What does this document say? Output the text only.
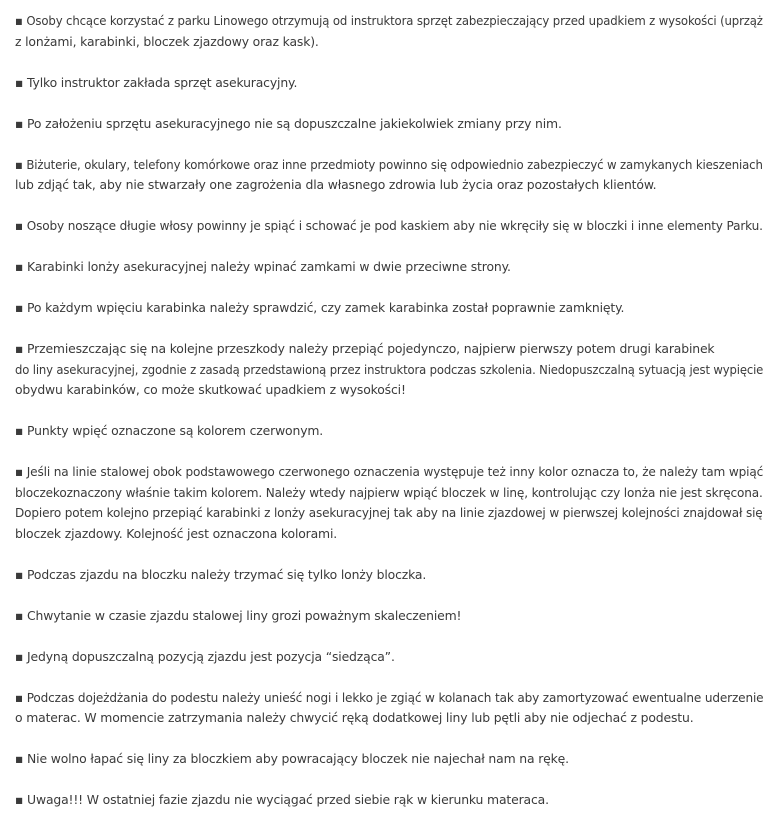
▪ Osoby chcące korzystać z parku Linowego otrzymują od instruktora sprzęt zabezpieczający przed upadkiem z wysokości (uprząż
z lonżami, karabinki, bloczek zjazdowy oraz kask).
▪ Tylko instruktor zakłada sprzęt asekuracyjny.
▪ Po założeniu sprzętu asekuracyjnego nie są dopuszczalne jakiekolwiek zmiany przy nim.
▪ Biżuterie, okulary, telefony komórkowe oraz inne przedmioty powinno się odpowiednio zabezpieczyć w zamykanych kieszeniach
lub zdjąć tak, aby nie stwarzały one zagrożenia dla własnego zdrowia lub życia oraz pozostałych klientów.
▪ Osoby noszące długie włosy powinny je spiąć i schować je pod kaskiem aby nie wkręciły się w bloczki i inne elementy Parku.
▪ Karabinki lonży asekuracyjnej należy wpinać zamkami w dwie przeciwne strony.
▪ Po każdym wpięciu karabinka należy sprawdzić, czy zamek karabinka został poprawnie zamknięty.
▪ Przemieszczając się na kolejne przeszkody należy przepiąć pojedynczo, najpierw pierwszy potem drugi karabinek
do liny asekuracyjnej, zgodnie z zasadą przedstawioną przez instruktora podczas szkolenia. Niedopuszczalną sytuacją jest wypięcie
obydwu karabinków, co może skutkować upadkiem z wysokości!
▪ Punkty wpięć oznaczone są kolorem czerwonym.
▪ Jeśli na linie stalowej obok podstawowego czerwonego oznaczenia występuje też inny kolor oznacza to, że należy tam wpiąć
bloczekoznaczony właśnie takim kolorem. Należy wtedy najpierw wpiąć bloczek w linę, kontrolując czy lonża nie jest skręcona.
Dopiero potem kolejno przepiąć karabinki z lonży asekuracyjnej tak aby na linie zjazdowej w pierwszej kolejności znajdował się
bloczek zjazdowy. Kolejność jest oznaczona kolorami.
▪ Podczas zjazdu na bloczku należy trzymać się tylko lonży bloczka.
▪ Chwytanie w czasie zjazdu stalowej liny grozi poważnym skaleczeniem!
▪ Jedyną dopuszczalną pozycją zjazdu jest pozycja “siedząca”.
▪ Podczas dojeżdżania do podestu należy unieść nogi i lekko je zgiąć w kolanach tak aby zamortyzować ewentualne uderzenie
o materac. W momencie zatrzymania należy chwycić ręką dodatkowej liny lub pętli aby nie odjechać z podestu.
▪ Nie wolno łapać się liny za bloczkiem aby powracający bloczek nie najechał nam na rękę.
▪ Uwaga!!! W ostatniej fazie zjazdu nie wyciągać przed siebie rąk w kierunku materaca.
